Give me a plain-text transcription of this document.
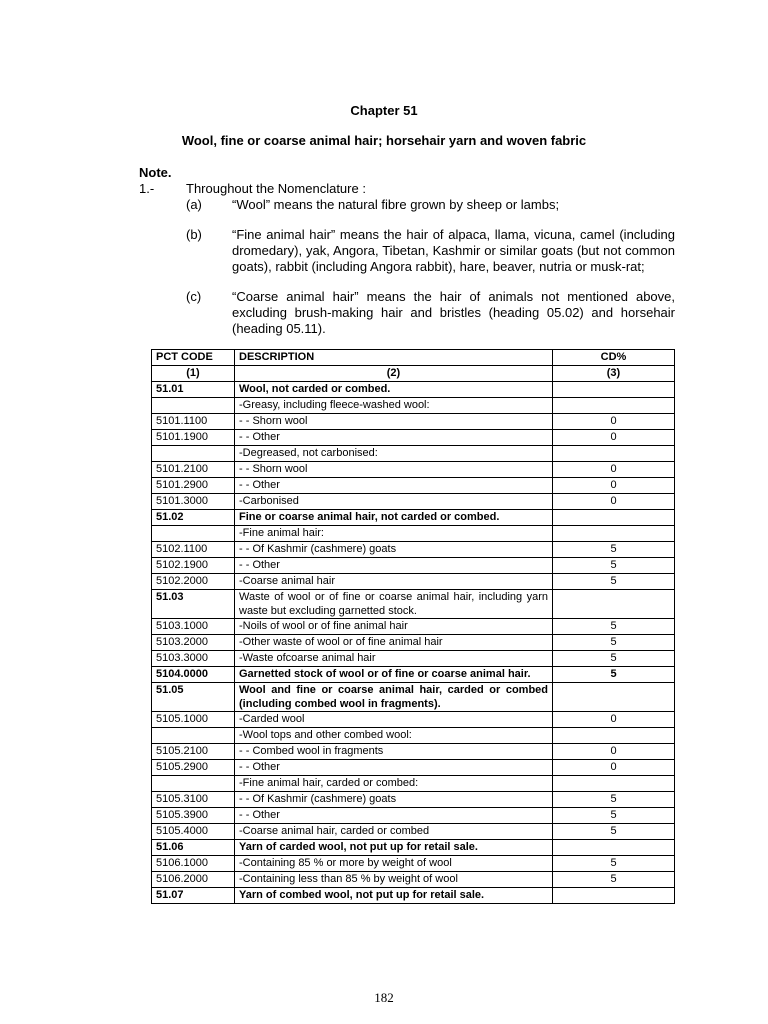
Chapter 51
Wool, fine or coarse animal hair; horsehair yarn and woven fabric
Note.
1.- Throughout the Nomenclature :
(a) “Wool” means the natural fibre grown by sheep or lambs;
(b) “Fine animal hair” means the hair of alpaca, llama, vicuna, camel (including dromedary), yak, Angora, Tibetan, Kashmir or similar goats (but not common goats), rabbit (including Angora rabbit), hare, beaver, nutria or musk-rat;
(c) “Coarse animal hair” means the hair of animals not mentioned above, excluding brush-making hair and bristles (heading 05.02) and horsehair (heading 05.11).
PCT CODE	DESCRIPTION	CD%
(1)	(2)	(3)
51.01	Wool, not carded or combed.	
	-Greasy, including fleece-washed wool:	
5101.1100	- - Shorn wool	0
5101.1900	- - Other	0
	-Degreased, not carbonised:	
5101.2100	- - Shorn wool	0
5101.2900	- - Other	0
5101.3000	-Carbonised	0
51.02	Fine or coarse animal hair, not carded or combed.	
	-Fine animal hair:	
5102.1100	- - Of Kashmir (cashmere) goats	5
5102.1900	- - Other	5
5102.2000	-Coarse animal hair	5
51.03	Waste of wool or of fine or coarse animal hair, including yarn waste but excluding garnetted stock.	
5103.1000	-Noils of wool or of fine animal hair	5
5103.2000	-Other waste of wool or of fine animal hair	5
5103.3000	-Waste ofcoarse animal hair	5
5104.0000	Garnetted stock of wool or of fine or coarse animal hair.	5
51.05	Wool and fine or coarse animal hair, carded or combed (including combed wool in fragments).	
5105.1000	-Carded wool	0
	-Wool tops and other combed wool:	
5105.2100	- - Combed wool in fragments	0
5105.2900	- - Other	0
	-Fine animal hair, carded or combed:	
5105.3100	- - Of Kashmir (cashmere) goats	5
5105.3900	- - Other	5
5105.4000	-Coarse animal hair, carded or combed	5
51.06	Yarn of carded wool, not put up for retail sale.	
5106.1000	-Containing 85 % or more by weight of wool	5
5106.2000	-Containing less than 85 % by weight of wool	5
51.07	Yarn of combed wool, not put up for retail sale.	
182
